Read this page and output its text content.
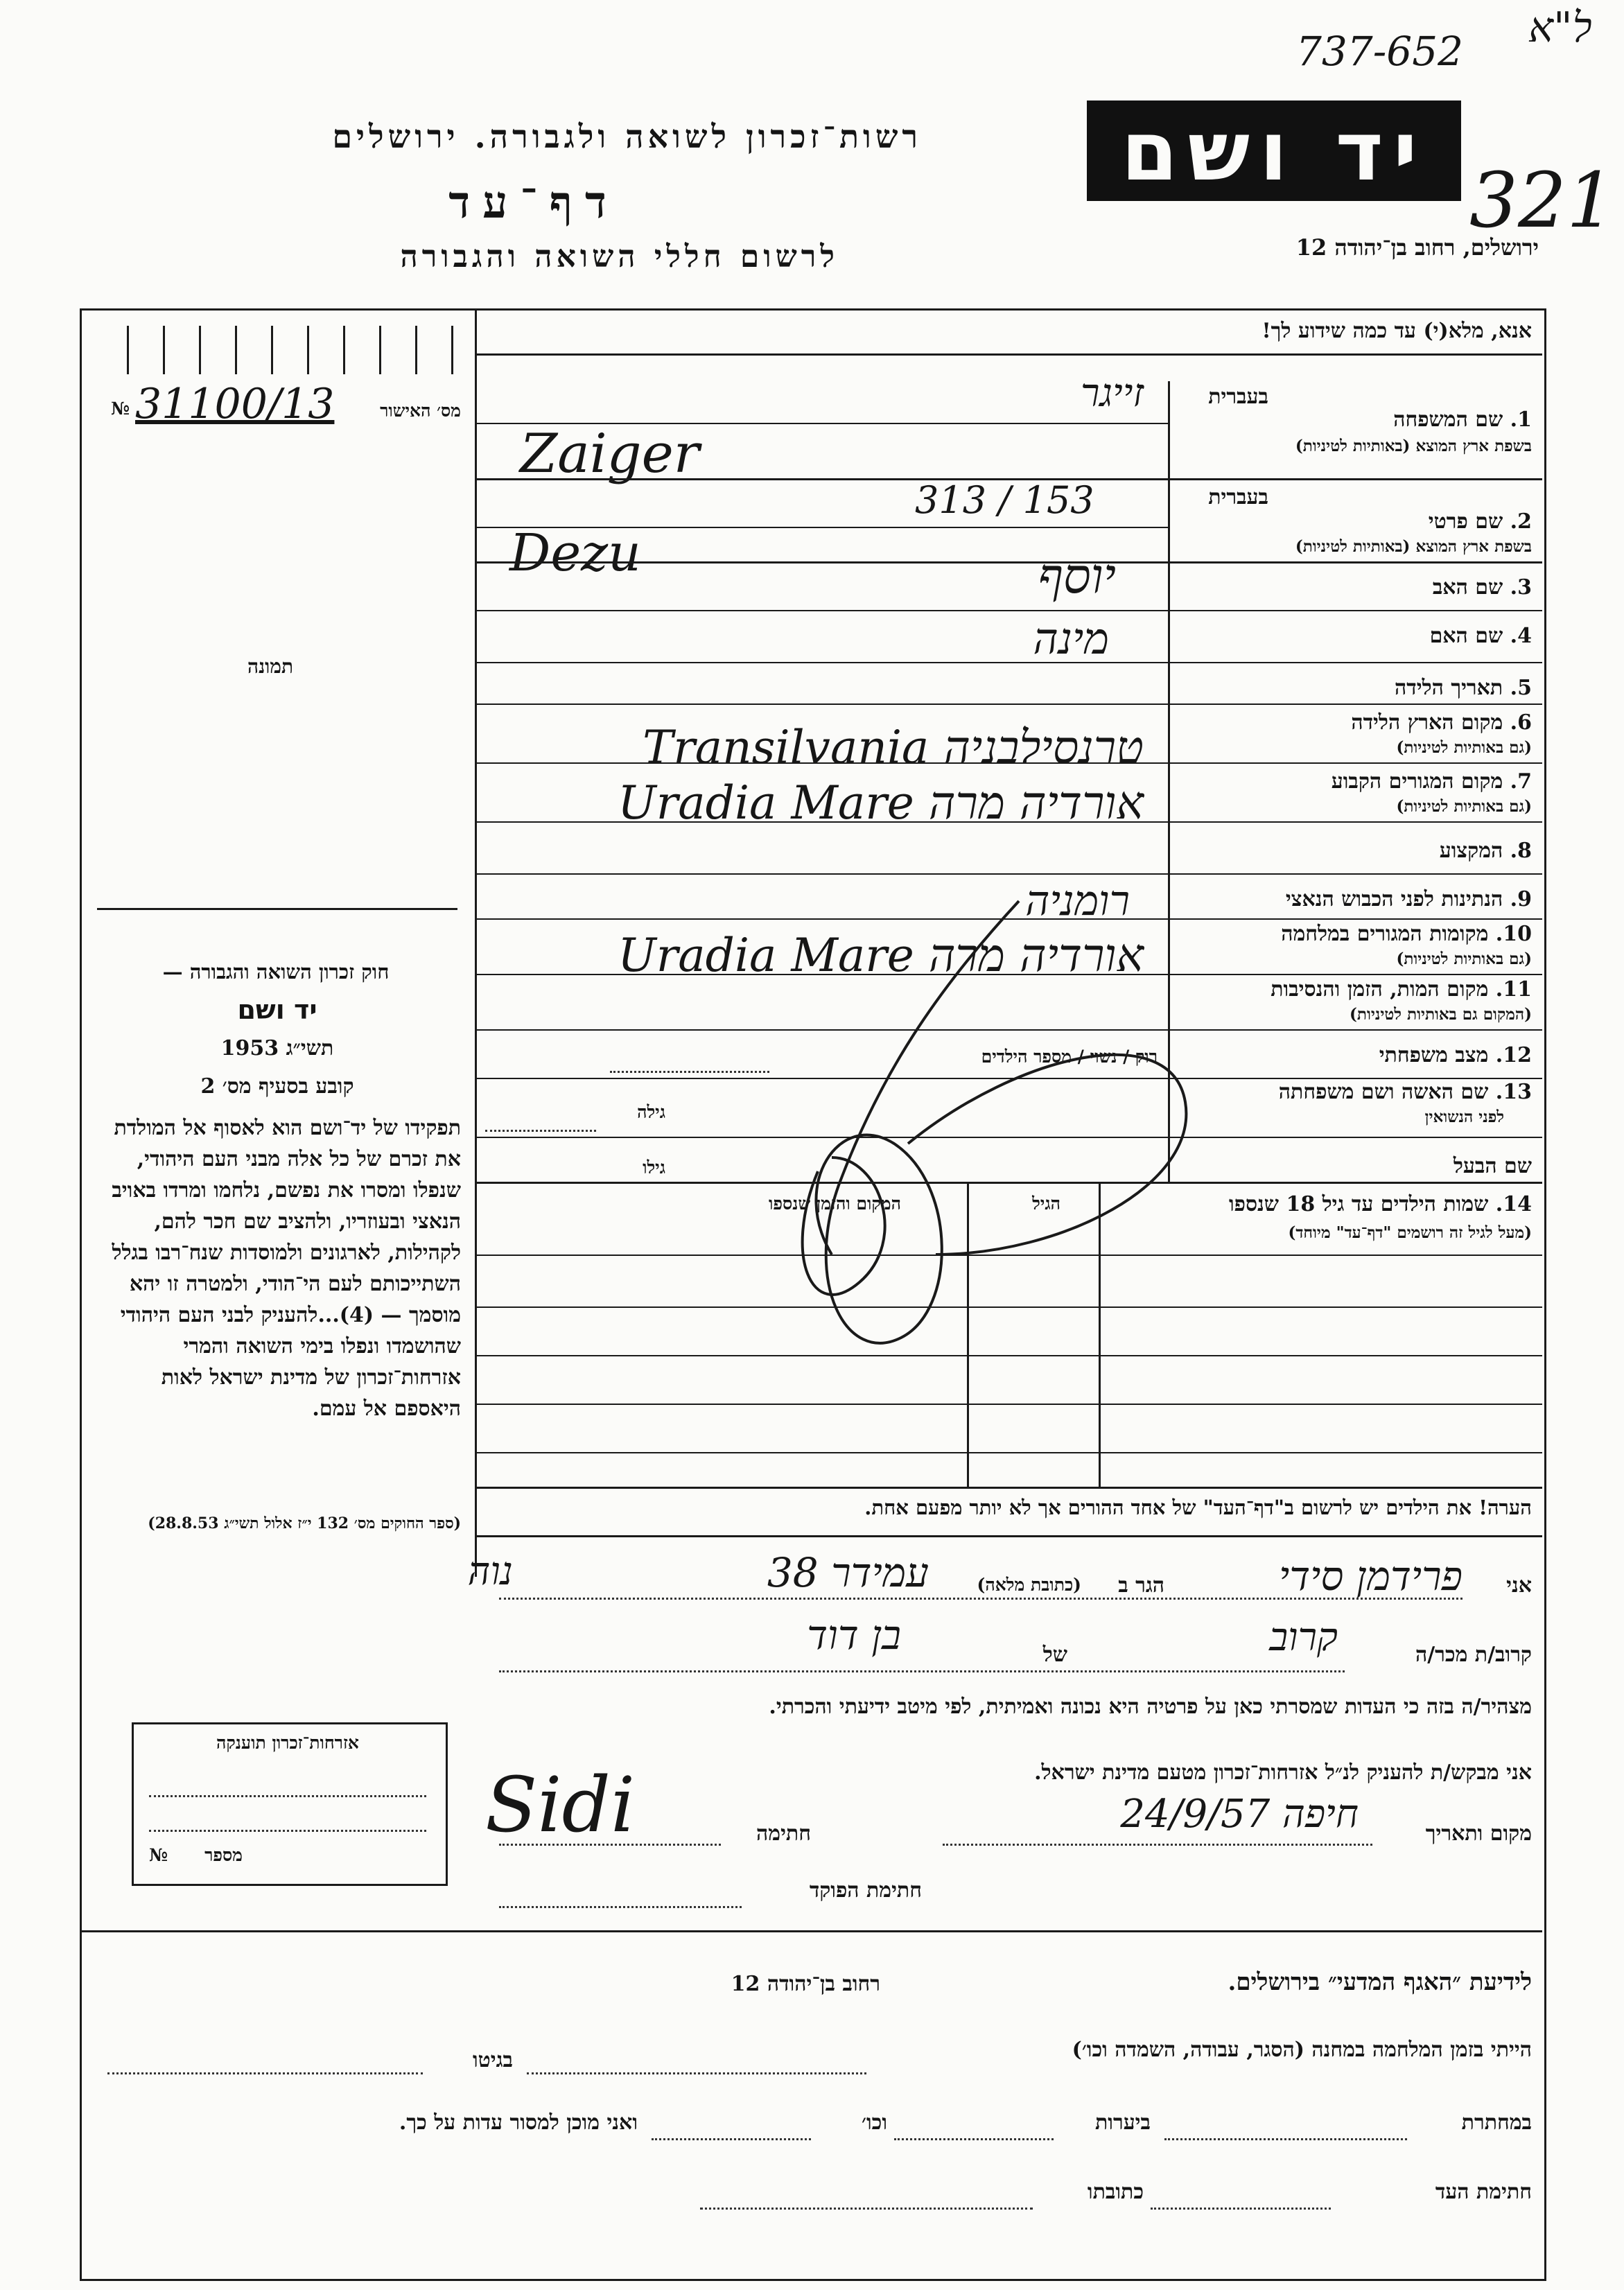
737-652 ל"א
321
רשות־זכרון לשואה ולגבורה. ירושלים
דף־עד
לרשום חללי השואה והגבורה
יד ושם
ירושלים, רחוב בן־יהודה 12
№ 31100/13	מס׳ האישור
תמונה
חוק זכרון השואה והגבורה —
יד ושם
תשי״ג 1953
קובע בסעיף מס׳ 2
תפקידו של יד־ושם הוא לאסוף אל המולדת את זכרם של כל אלה מבני העם היהודי, שנפלו ומסרו את נפשם, נלחמו ומרדו באויב הנאצי ובעוזריו, ולהציב שם חכר להם, לקהילות, לארגונים ולמוסדות שנח־רבו בגלל השתייכותם לעם הי־הודי, ולמטרה זו יהא מוסמך — (4)...להעניק לבני העם היהודי שהושמדו ונפלו בימי השואה והמרי אזרחות־זכרון של מדינת ישראל לאות היאספם אל עמם.
(ספר החוקים מס׳ 132 י״ז אלול תשי״ג 28.8.53)
אנא, מלא(י) עד כמה שידוע לך!
בעברית
1. שם המשפחה
בשפת ארץ המוצא (באותיות לטיניות)
זייגר
Zaiger
בעברית
2. שם פרטי
בשפת ארץ המוצא (באותיות לטיניות)
313 / 153
Dezu
3. שם האב
יוסף
4. שם האם
מינה
5. תאריך הלידה
6. מקום הארץ הלידה
(גם באותיות לטיניות)
טרנסילבניה Transilvania
7. מקום המגורים הקבוע
(גם באותיות לטיניות)
אורדיה מרה Uradia Mare
8. המקצוע
9. הנתינות לפני הכבוש הנאצי
רומניה
10. מקומות המגורים במלחמה
(גם באותיות לטיניות)
אורדיה מרה Uradia Mare
11. מקום המות, הזמן והנסיבות
(המקום גם באותיות לטיניות)
12. מצב משפחתי
רוק / נשוי / מספר הילדים
13. שם האשה ושם משפחתה
לפני הנשואין
גילה
שם הבעל
גילו
14. שמות הילדים עד גיל 18 שנספו
(מעל לגיל זה רושמים "דף־עד" מיוחד)
הגיל
המקום והזמן שנספו
הערה! את הילדים יש לרשום ב"דף־העד" של אחד ההורים אך לא יותר מפעם אחת.
אני
פרידמן סידי
הגר ב
(כתובת מלאה)
עמידר 38
נוה
קרוב/ת מכר/ה
קרוב
של
בן דוד
מצהיר/ה בזה כי העדות שמסרתי כאן על פרטיה היא נכונה ואמיתית, לפי מיטב ידיעתי והכרתי.
אני מבקש/ת להעניק לנ״ל אזרחות־זכרון מטעם מדינת ישראל.
מקום ותאריך
חיפה 24/9/57
חתימה
Sidi
חתימת הפוקד
אזרחות־זכרון תוענקה
№	מספר
לידיעת ״האגף המדעי״ בירושלים.
רחוב בן־יהודה 12
הייתי בזמן המלחמה במחנה (הסגר, עבודה, השמדה וכו׳)
בגיטו
במחתרת
ביערות
וכו׳
ואני מוכן למסור עדות על כך.
חתימת העד
כתובתו
